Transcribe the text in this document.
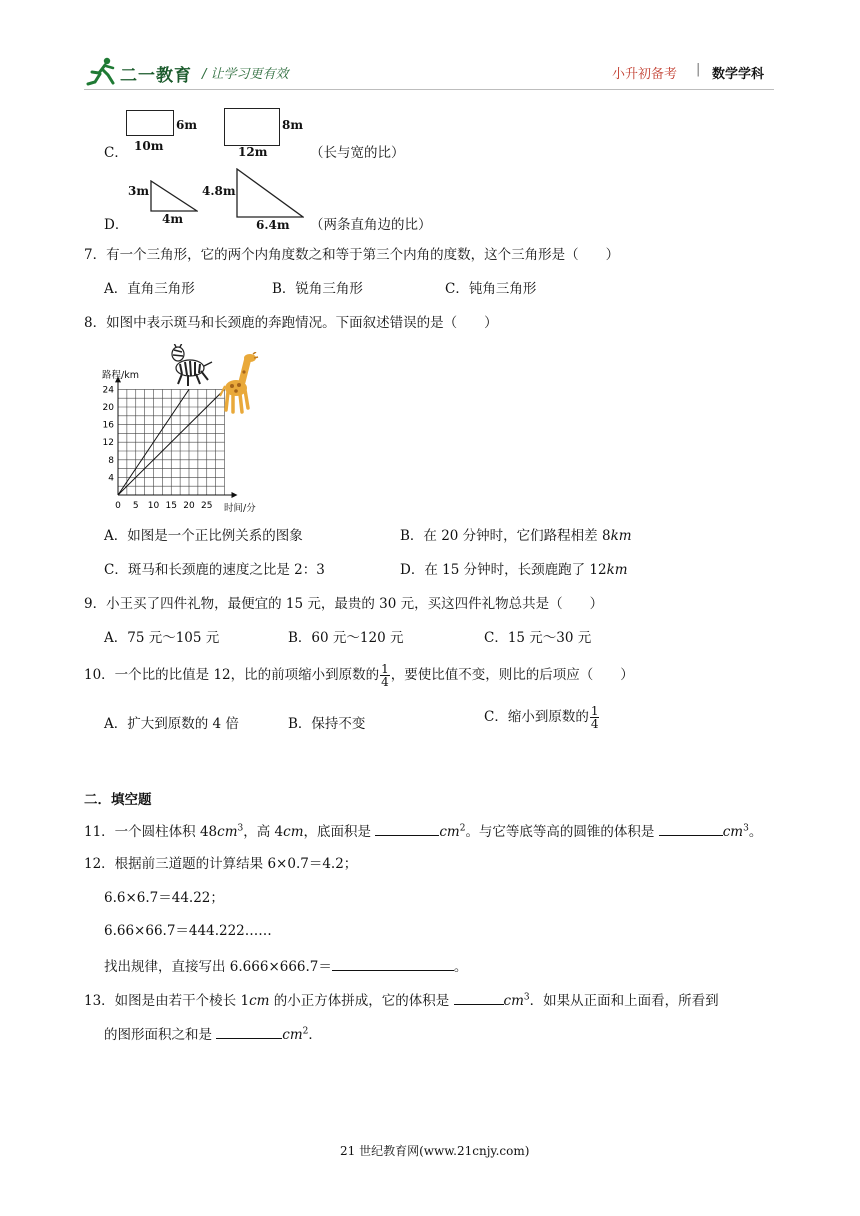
二一教育 / 让学习更有效	小升初备考 | 数学学科
C．
6m
10m
8m
12m	（长与宽的比）
D．
3m
4m
4.8m
6.4m （两条直角边的比）
7．有一个三角形，它的两个内角度数之和等于第三个内角的度数，这个三角形是（　　）
A．直角三角形	B．锐角三角形	C．钝角三角形
8．如图中表示斑马和长颈鹿的奔跑情况。下面叙述错误的是（　　）
0 5 10 15 20 25
4
8
12
16
20
24
路程/km
时间/分
A．如图是一个正比例关系的图象	B．在 20 分钟时，它们路程相差 8km
C．斑马和长颈鹿的速度之比是 2：3	D．在 15 分钟时，长颈鹿跑了 12km
9．小王买了四件礼物，最便宜的 15 元，最贵的 30 元，买这四件礼物总共是（　　）
A．75 元～105 元	B．60 元～120 元	C．15 元～30 元
10．一个比的比值是 12，比的前项缩小到原数的 $\frac{1}{4}$ ，要使比值不变，则比的后项应（　　）
A．扩大到原数的 4 倍	B．保持不变	C．缩小到原数的 $\frac{1}{4}$
二．填空题
11．一个圆柱体积 $48cm^3$，高 4cm，底面积是	$cm^2$。与它等底等高的圆锥的体积是	$cm^3$。
12．根据前三道题的计算结果 6×0.7＝4.2；
6.6×6.7＝44.22；
6.66×66.7＝444.222……
找出规律，直接写出 6.666×666.7＝	。
13．如图是由若干个棱长 1cm 的小正方体拼成，它的体积是	$cm^3$．如果从正面和上面看，所看到
的图形面积之和是	$cm^2$．
21 世纪教育网(www.21cnjy.com)
